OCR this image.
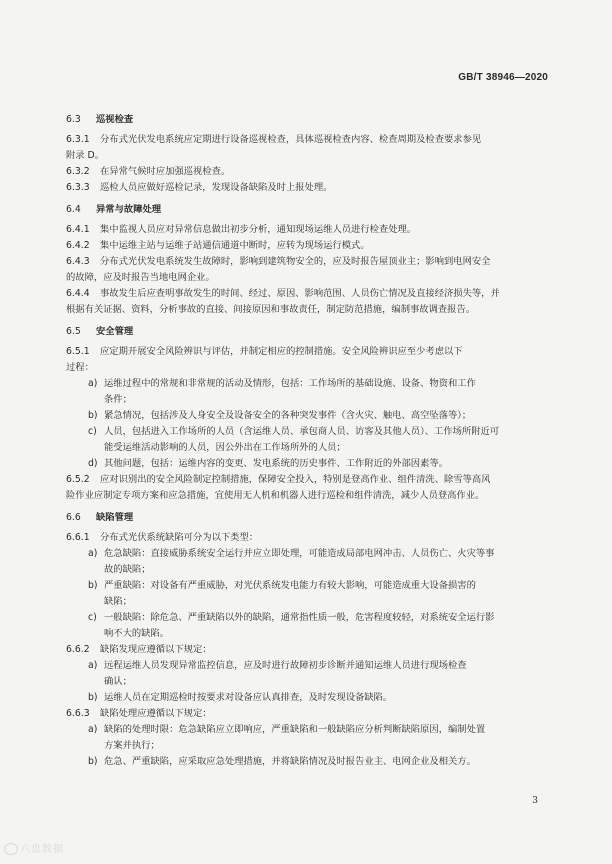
GB/T 38946—2020
6.3 巡视检查
6.3.1 分布式光伏发电系统应定期进行设备巡视检查，具体巡视检查内容、检查周期及检查要求参见
附录 D。
6.3.2 在异常气候时应加强巡视检查。
6.3.3 巡检人员应做好巡检记录，发现设备缺陷及时上报处理。
6.4 异常与故障处理
6.4.1 集中监视人员应对异常信息做出初步分析，通知现场运维人员进行检查处理。
6.4.2 集中运维主站与运维子站通信通道中断时，应转为现场运行模式。
6.4.3 分布式光伏发电系统发生故障时，影响到建筑物安全的，应及时报告屋顶业主；影响到电网安全
的故障，应及时报告当地电网企业。
6.4.4 事故发生后应查明事故发生的时间、经过、原因、影响范围、人员伤亡情况及直接经济损失等，并
根据有关证据、资料，分析事故的直接、间接原因和事故责任，制定防范措施，编制事故调查报告。
6.5 安全管理
6.5.1 应定期开展安全风险辨识与评估，并制定相应的控制措施。安全风险辨识应至少考虑以下
过程：
a) 运维过程中的常规和非常规的活动及情形，包括：工作场所的基础设施、设备、物资和工作
条件；
b) 紧急情况，包括涉及人身安全及设备安全的各种突发事件（含火灾、触电、高空坠落等）；
c) 人员，包括进入工作场所的人员（含运维人员、承包商人员、访客及其他人员）、工作场所附近可
能受运维活动影响的人员，因公外出在工作场所外的人员；
d) 其他问题，包括：运维内容的变更、发电系统的历史事件、工作附近的外部因素等。
6.5.2 应对识别出的安全风险制定控制措施，保障安全投入，特别是登高作业、组件清洗、除雪等高风
险作业应制定专项方案和应急措施，宜使用无人机和机器人进行巡检和组件清洗，减少人员登高作业。
6.6 缺陷管理
6.6.1 分布式光伏系统缺陷可分为以下类型：
a) 危急缺陷：直接威胁系统安全运行并应立即处理，可能造成局部电网冲击、人员伤亡、火灾等事
故的缺陷；
b) 严重缺陷：对设备有严重威胁，对光伏系统发电能力有较大影响，可能造成重大设备损害的
缺陷；
c) 一般缺陷：除危急、严重缺陷以外的缺陷，通常指性质一般，危害程度较轻，对系统安全运行影
响不大的缺陷。
6.6.2 缺陷发现应遵循以下规定：
a) 远程运维人员发现异常监控信息，应及时进行故障初步诊断并通知运维人员进行现场检查
确认；
b) 运维人员在定期巡检时按要求对设备应认真排查，及时发现设备缺陷。
6.6.3 缺陷处理应遵循以下规定：
a) 缺陷的处理时限：危急缺陷应立即响应，严重缺陷和一般缺陷应分析判断缺陷原因，编制处置
方案并执行；
b) 危急、严重缺陷，应采取应急处理措施，并将缺陷情况及时报告业主、电网企业及相关方。
3
六盘数据
